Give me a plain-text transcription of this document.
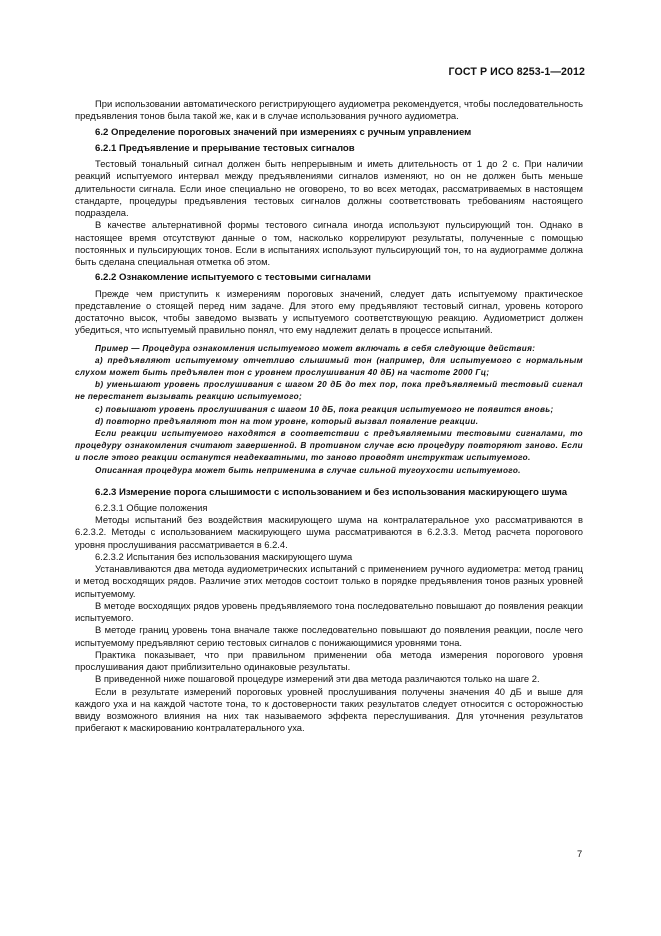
ГОСТ Р ИСО 8253-1—2012

При использовании автоматического регистрирующего аудиометра рекомендуется, чтобы последовательность предъявления тонов была такой же, как и в случае использования ручного аудиометра.

6.2 Определение пороговых значений при измерениях с ручным управлением
6.2.1 Предъявление и прерывание тестовых сигналов

Тестовый тональный сигнал должен быть непрерывным и иметь длительность от 1 до 2 с. При наличии реакций испытуемого интервал между предъявлениями сигналов изменяют, но он не должен быть меньше длительности сигнала. Если иное специально не оговорено, то во всех методах, рассматриваемых в настоящем стандарте, процедуры предъявления тестовых сигналов должны соответствовать требованиям настоящего подраздела.

В качестве альтернативной формы тестового сигнала иногда используют пульсирующий тон. Однако в настоящее время отсутствуют данные о том, насколько коррелируют результаты, полученные с помощью постоянных и пульсирующих тонов. Если в испытаниях используют пульсирующий тон, то на аудиограмме должна быть сделана специальная отметка об этом.

6.2.2 Ознакомление испытуемого с тестовыми сигналами

Прежде чем приступить к измерениям пороговых значений, следует дать испытуемому практическое представление о стоящей перед ним задаче. Для этого ему предъявляют тестовый сигнал, уровень которого достаточно высок, чтобы заведомо вызвать у испытуемого соответствующую реакцию. Аудиометрист должен убедиться, что испытуемый правильно понял, что ему надлежит делать в процессе испытаний.

Пример — Процедура ознакомления испытуемого может включать в себя следующие действия:

a) предъявляют испытуемому отчетливо слышимый тон (например, для испытуемого с нормальным слухом может быть предъявлен тон с уровнем прослушивания 40 дБ) на частоте 2000 Гц;

b) уменьшают уровень прослушивания с шагом 20 дБ до тех пор, пока предъявляемый тестовый сигнал не перестанет вызывать реакцию испытуемого;

c) повышают уровень прослушивания с шагом 10 дБ, пока реакция испытуемого не появится вновь;

d) повторно предъявляют тон на том уровне, который вызвал появление реакции.

Если реакции испытуемого находятся в соответствии с предъявляемыми тестовыми сигналами, то процедуру ознакомления считают завершенной. В противном случае всю процедуру повторяют заново. Если и после этого реакции останутся неадекватными, то заново проводят инструктаж испытуемого.

Описанная процедура может быть неприменима в случае сильной тугоухости испытуемого.

6.2.3 Измерение порога слышимости с использованием и без использования маскирующего шума

6.2.3.1 Общие положения

Методы испытаний без воздействия маскирующего шума на контралатеральное ухо рассматриваются в 6.2.3.2. Методы с использованием маскирующего шума рассматриваются в 6.2.3.3. Метод расчета порогового уровня прослушивания рассматривается в 6.2.4.

6.2.3.2 Испытания без использования маскирующего шума

Устанавливаются два метода аудиометрических испытаний с применением ручного аудиометра: метод границ и метод восходящих рядов. Различие этих методов состоит только в порядке предъявления тонов разных уровней испытуемому.

В методе восходящих рядов уровень предъявляемого тона последовательно повышают до появления реакции испытуемого.

В методе границ уровень тона вначале также последовательно повышают до появления реакции, после чего испытуемому предъявляют серию тестовых сигналов с понижающимися уровнями тона.

Практика показывает, что при правильном применении оба метода измерения порогового уровня прослушивания дают приблизительно одинаковые результаты.

В приведенной ниже пошаговой процедуре измерений эти два метода различаются только на шаге 2.

Если в результате измерений пороговых уровней прослушивания получены значения 40 дБ и выше для каждого уха и на каждой частоте тона, то к достоверности таких результатов следует относится с осторожностью ввиду возможного влияния на них так называемого эффекта переслушивания. Для уточнения результатов прибегают к маскированию контралатерального уха.

7
